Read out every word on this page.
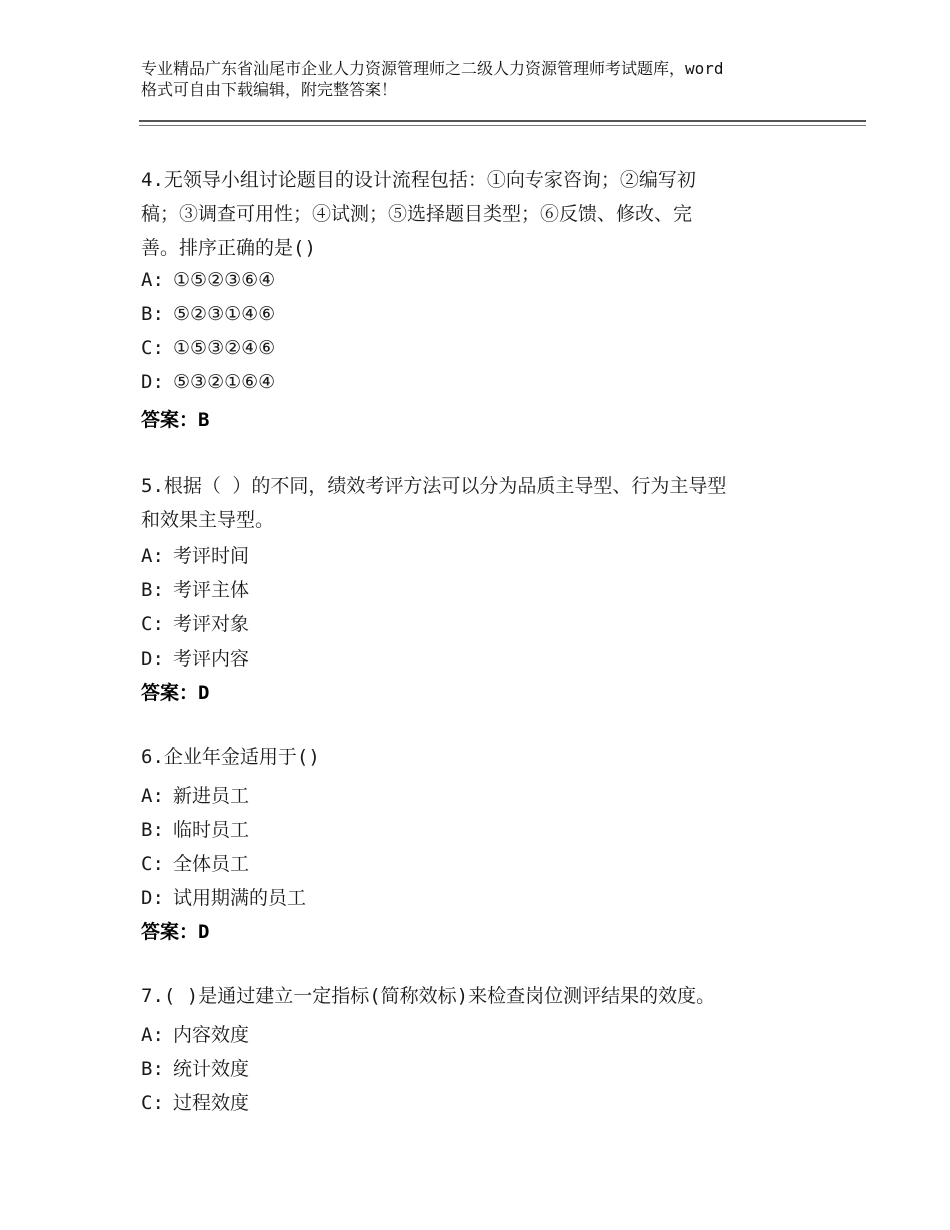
专业精品广东省汕尾市企业人力资源管理师之二级人力资源管理师考试题库，word
格式可自由下载编辑，附完整答案！
4.无领导小组讨论题目的设计流程包括：①向专家咨询；②编写初
稿；③调查可用性；④试测；⑤选择题目类型；⑥反馈、修改、完
善。排序正确的是()
A: ①⑤②③⑥④
B: ⑤②③①④⑥
C: ①⑤③②④⑥
D: ⑤③②①⑥④
答案：B
5.根据（ ）的不同，绩效考评方法可以分为品质主导型、行为主导型
和效果主导型。
A: 考评时间
B: 考评主体
C: 考评对象
D: 考评内容
答案：D
6.企业年金适用于()
A: 新进员工
B: 临时员工
C: 全体员工
D: 试用期满的员工
答案：D
7.( )是通过建立一定指标(简称效标)来检查岗位测评结果的效度。
A: 内容效度
B: 统计效度
C: 过程效度
